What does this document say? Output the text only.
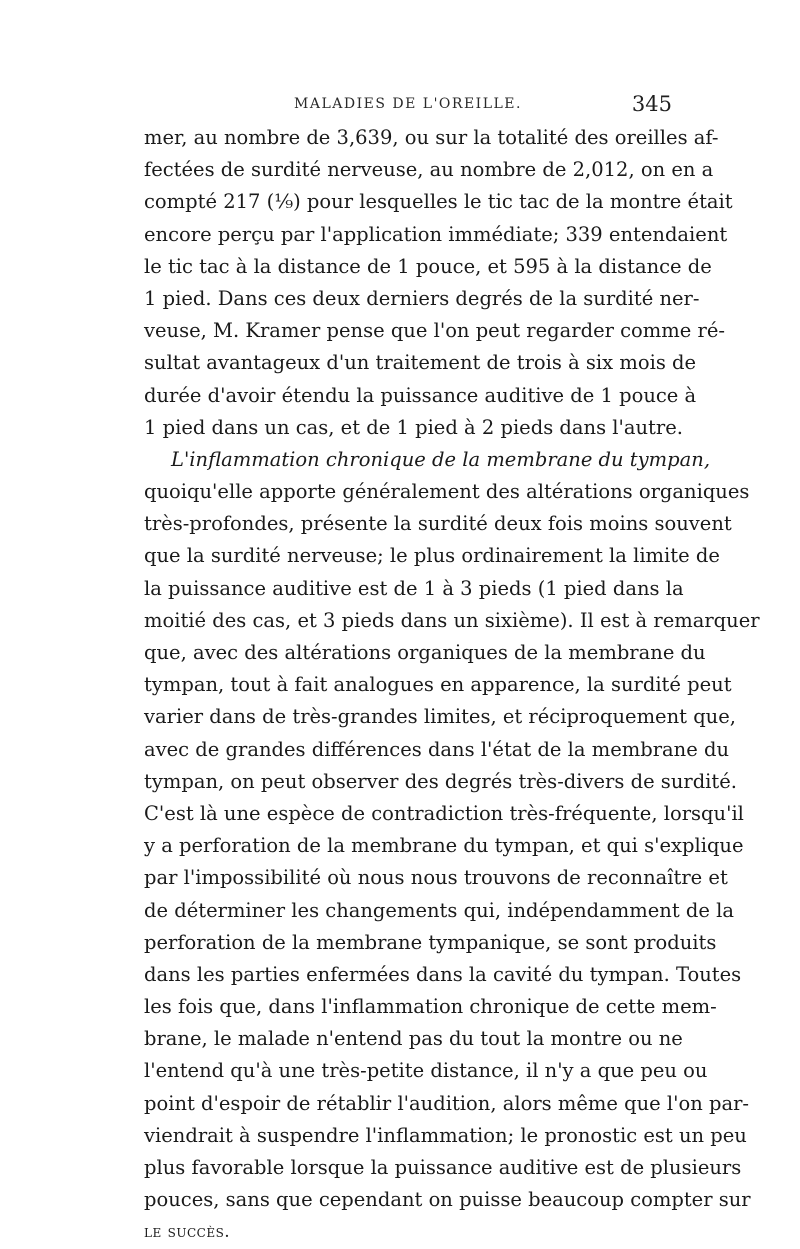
MALADIES DE L'OREILLE.	345
mer, au nombre de 3,639, ou sur la totalité des oreilles af-
fectées de surdité nerveuse, au nombre de 2,012, on en a
compté 217 (¹⁄₉) pour lesquelles le tic tac de la montre était
encore perçu par l'application immédiate; 339 entendaient
le tic tac à la distance de 1 pouce, et 595 à la distance de
1 pied. Dans ces deux derniers degrés de la surdité ner-
veuse, M. Kramer pense que l'on peut regarder comme ré-
sultat avantageux d'un traitement de trois à six mois de
durée d'avoir étendu la puissance auditive de 1 pouce à
1 pied dans un cas, et de 1 pied à 2 pieds dans l'autre.
L'inflammation chronique de la membrane du tympan,
quoiqu'elle apporte généralement des altérations organiques
très-profondes, présente la surdité deux fois moins souvent
que la surdité nerveuse; le plus ordinairement la limite de
la puissance auditive est de 1 à 3 pieds (1 pied dans la
moitié des cas, et 3 pieds dans un sixième). Il est à remarquer
que, avec des altérations organiques de la membrane du
tympan, tout à fait analogues en apparence, la surdité peut
varier dans de très-grandes limites, et réciproquement que,
avec de grandes différences dans l'état de la membrane du
tympan, on peut observer des degrés très-divers de surdité.
C'est là une espèce de contradiction très-fréquente, lorsqu'il
y a perforation de la membrane du tympan, et qui s'explique
par l'impossibilité où nous nous trouvons de reconnaître et
de déterminer les changements qui, indépendamment de la
perforation de la membrane tympanique, se sont produits
dans les parties enfermées dans la cavité du tympan. Toutes
les fois que, dans l'inflammation chronique de cette mem-
brane, le malade n'entend pas du tout la montre ou ne
l'entend qu'à une très-petite distance, il n'y a que peu ou
point d'espoir de rétablir l'audition, alors même que l'on par-
viendrait à suspendre l'inflammation; le pronostic est un peu
plus favorable lorsque la puissance auditive est de plusieurs
pouces, sans que cependant on puisse beaucoup compter sur
le succès.
